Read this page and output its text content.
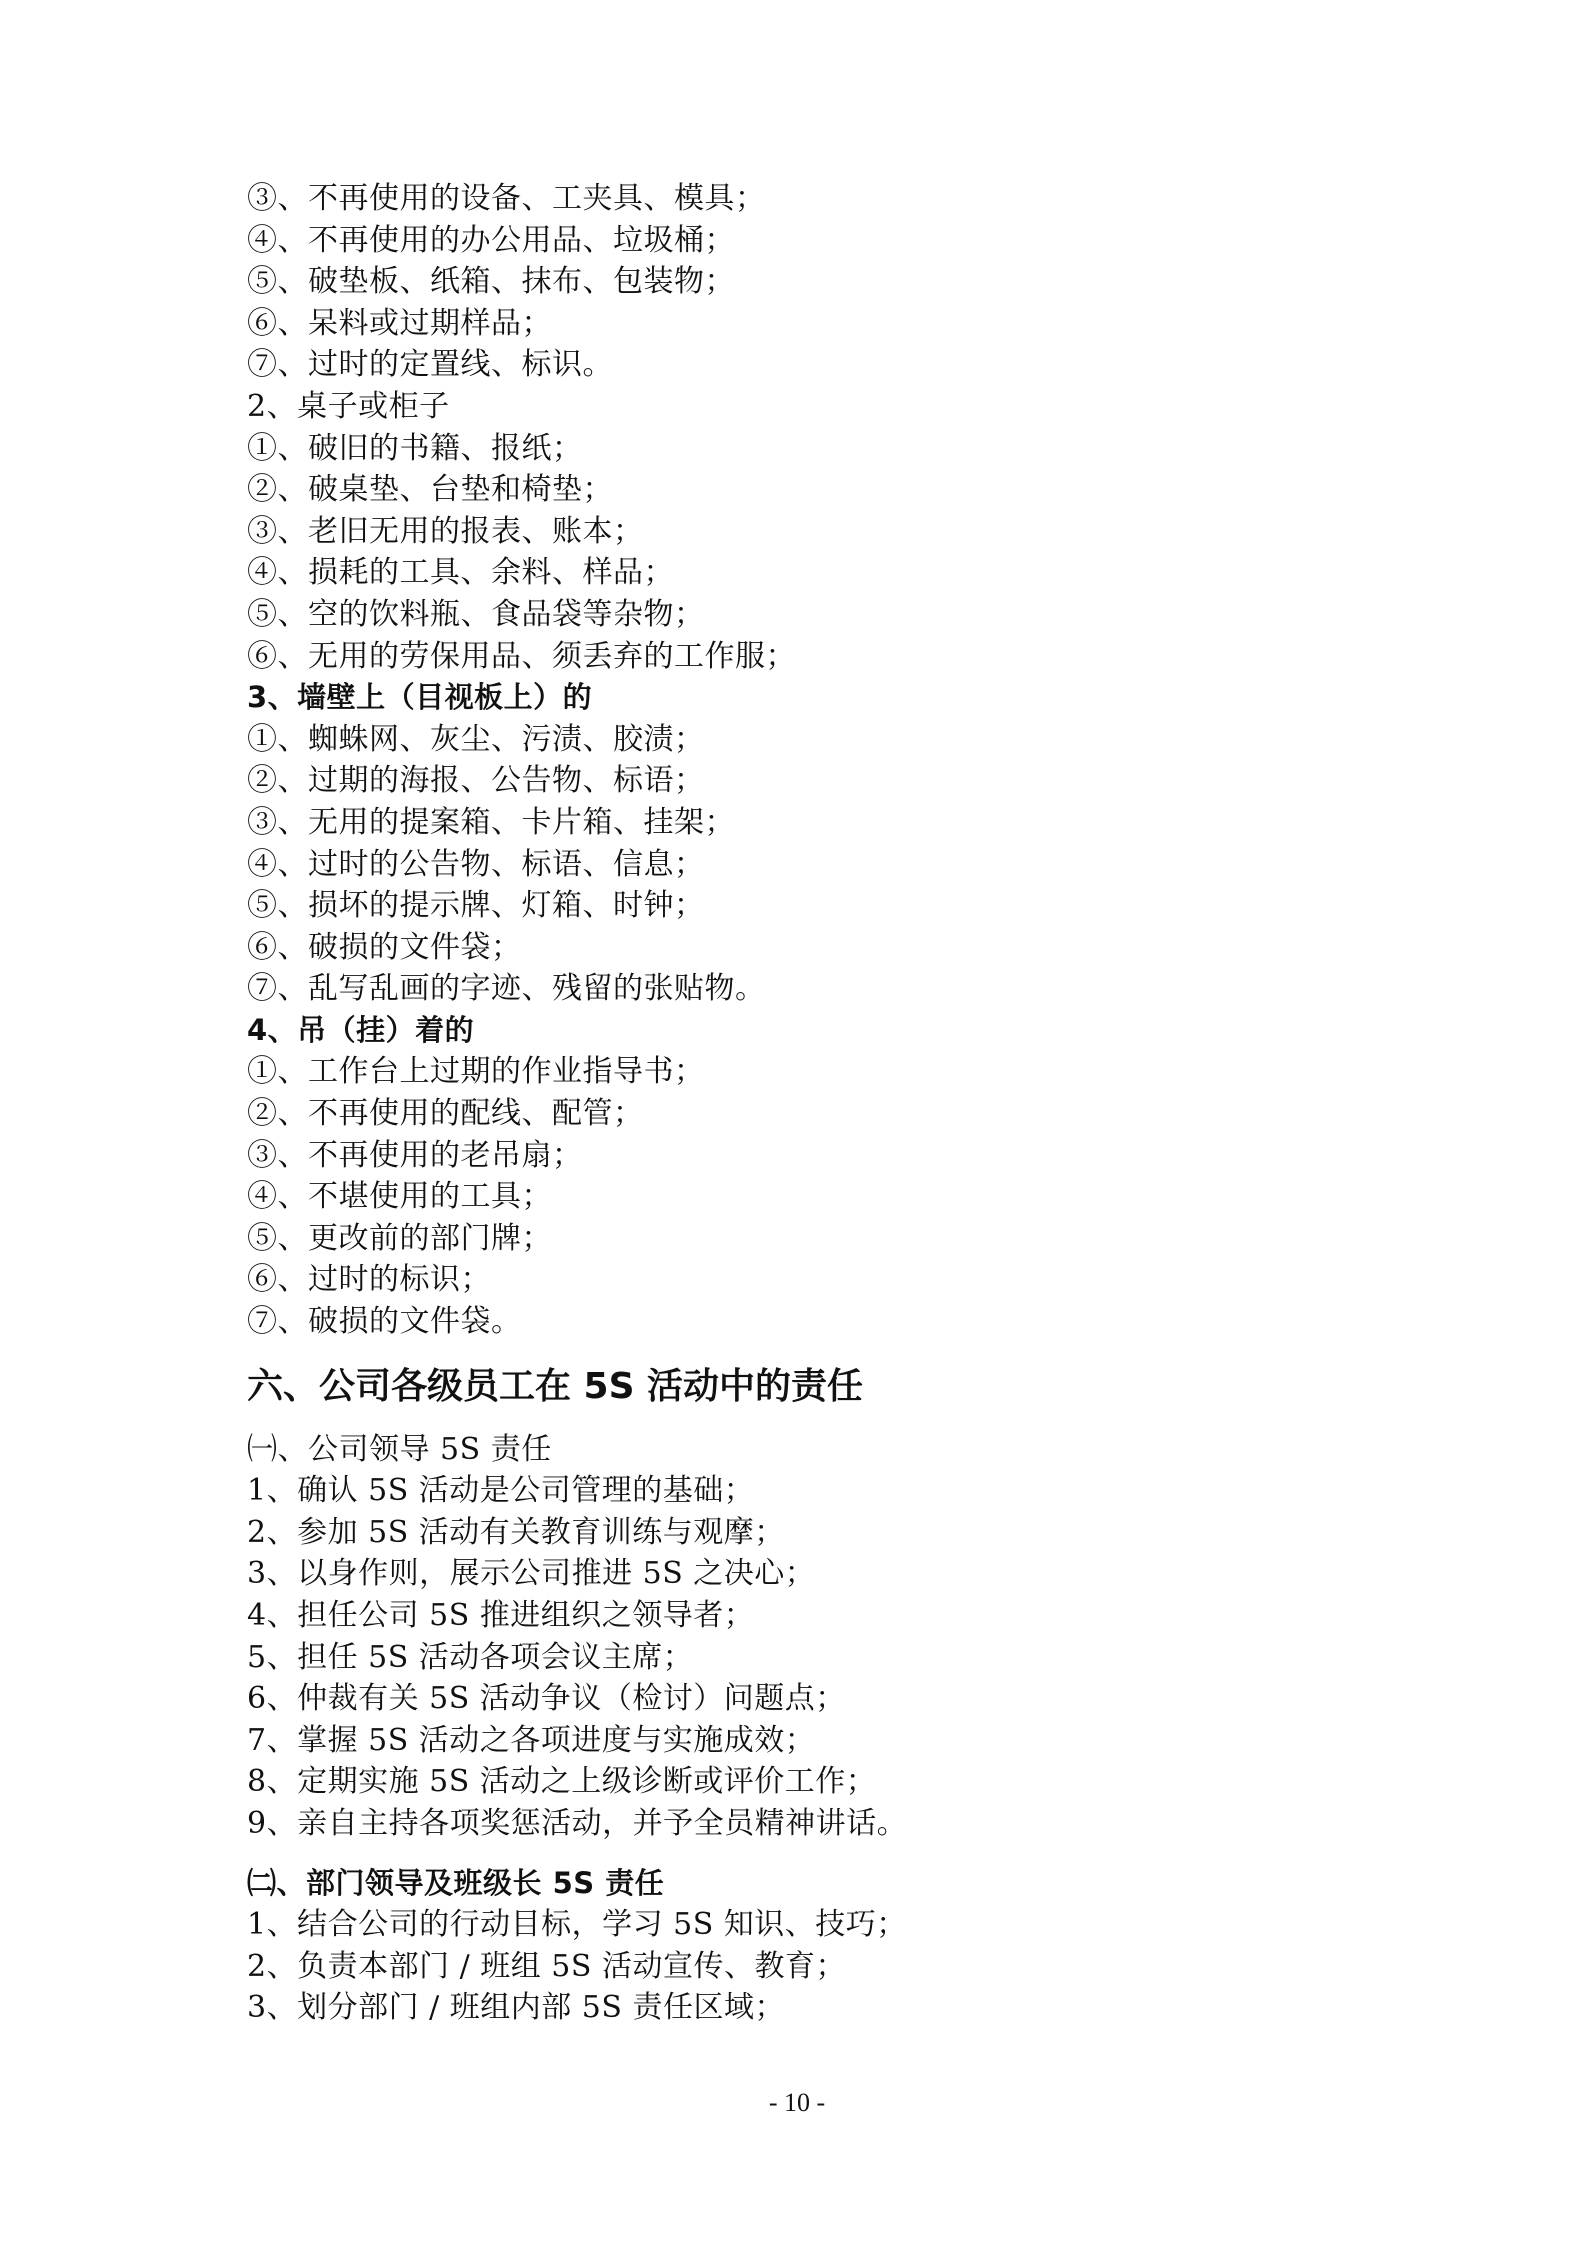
③、不再使用的设备、工夹具、模具；
④、不再使用的办公用品、垃圾桶；
⑤、破垫板、纸箱、抹布、包装物；
⑥、呆料或过期样品；
⑦、过时的定置线、标识。
2、桌子或柜子
①、破旧的书籍、报纸；
②、破桌垫、台垫和椅垫；
③、老旧无用的报表、账本；
④、损耗的工具、余料、样品；
⑤、空的饮料瓶、食品袋等杂物；
⑥、无用的劳保用品、须丢弃的工作服；
3、墙壁上（目视板上）的
①、蜘蛛网、灰尘、污渍、胶渍；
②、过期的海报、公告物、标语；
③、无用的提案箱、卡片箱、挂架；
④、过时的公告物、标语、信息；
⑤、损坏的提示牌、灯箱、时钟；
⑥、破损的文件袋；
⑦、乱写乱画的字迹、残留的张贴物。
4、吊（挂）着的
①、工作台上过期的作业指导书；
②、不再使用的配线、配管；
③、不再使用的老吊扇；
④、不堪使用的工具；
⑤、更改前的部门牌；
⑥、过时的标识；
⑦、破损的文件袋。
六、公司各级员工在 5S 活动中的责任
㈠、公司领导 5S 责任
1、确认 5S 活动是公司管理的基础；
2、参加 5S 活动有关教育训练与观摩；
3、以身作则，展示公司推进 5S 之决心；
4、担任公司 5S 推进组织之领导者；
5、担任 5S 活动各项会议主席；
6、仲裁有关 5S 活动争议（检讨）问题点；
7、掌握 5S 活动之各项进度与实施成效；
8、定期实施 5S 活动之上级诊断或评价工作；
9、亲自主持各项奖惩活动，并予全员精神讲话。
㈡、部门领导及班级长 5S 责任
1、结合公司的行动目标，学习 5S 知识、技巧；
2、负责本部门 / 班组 5S 活动宣传、教育；
3、划分部门 / 班组内部 5S 责任区域；
- 10 -
